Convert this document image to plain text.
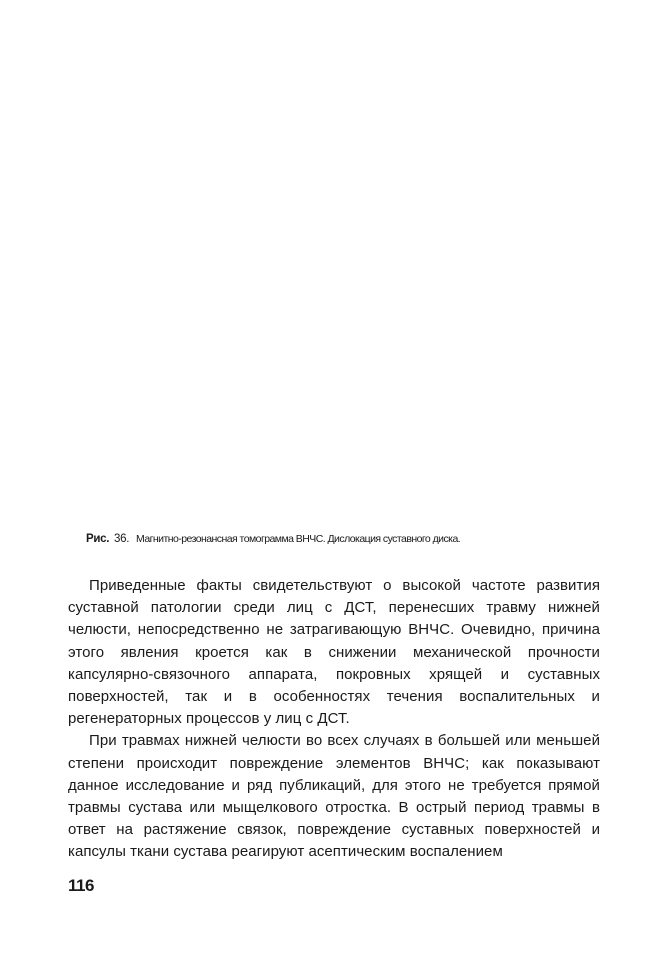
Рис. 36. Магнитно-резонансная томограмма ВНЧС. Дислокация суставного диска.

Приведенные факты свидетельствуют о высокой частоте развития суставной патологии среди лиц с ДСТ, перенесших травму нижней челюсти, непосредственно не затрагивающую ВНЧС. Очевидно, причина этого явления кроется как в снижении механической прочности капсулярно-связочного аппарата, покровных хрящей и суставных поверхностей, так и в особенностях течения воспалительных и регенераторных процессов у лиц с ДСТ.

При травмах нижней челюсти во всех случаях в большей или меньшей степени происходит повреждение элементов ВНЧС; как показывают данное исследование и ряд публикаций, для этого не требуется прямой травмы сустава или мыщелкового отростка. В острый период травмы в ответ на растяжение связок, повреждение суставных поверхностей и капсулы ткани сустава реагируют асептическим воспалением

116
